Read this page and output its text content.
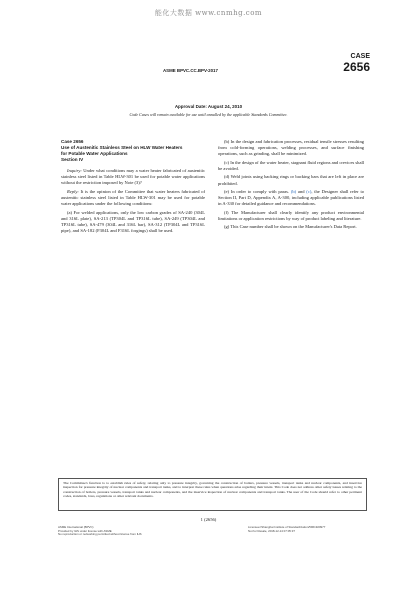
能化大数据 www.cnmhg.com
CASE
2656
ASME BPVC.CC.BPV-2017
Approval Date: August 24, 2010
Code Cases will remain available for use until annulled by the applicable Standards Committee.
Case 2656
Use of Austenitic Stainless Steel on HLW Water Heaters
for Potable Water Applications
Section IV

Inquiry: Under what conditions may a water heater fabricated of austenitic stainless steel listed in Table HLW-301 be used for potable water applications without the restriction imposed by Note (3)?

Reply: It is the opinion of the Committee that water heaters fabricated of austenitic stainless steel listed in Table HLW-301 may be used for potable water applications under the following conditions:

(a) For welded applications, only the low carbon grades of SA-240 (304L and 316L plate), SA-213 (TP304L and TP316L tube), SA-249 (TP304L and TP316L tube), SA-479 (304L and 316L bar), SA-312 (TP304L and TP316L pipe), and SA-182 (F304L and F316L forgings) shall be used.

(b) In the design and fabrication processes, residual tensile stresses resulting from cold-forming operations, welding processes, and surface finishing operations, such as grinding, shall be minimized.

(c) In the design of the water heater, stagnant fluid regions and crevices shall be avoided.

(d) Weld joints using backing rings or backing bars that are left in place are prohibited.

(e) In order to comply with paras. (b) and (c), the Designer shall refer to Section II, Part D, Appendix A, A-300, including applicable publications listed in A-330 for detailed guidance and recommendations.

(f) The Manufacturer shall clearly identify any product environmental limitations or application restrictions by way of product labeling and literature.

(g) This Case number shall be shown on the Manufacturer's Data Report.

The Committee's function is to establish rules of safety, relating only to pressure integrity, governing the construction of boilers, pressure vessels, transport tanks and nuclear components, and inservice inspection for pressure integrity of nuclear components and transport tanks, and to interpret these rules when questions arise regarding their intent. This Code does not address other safety issues relating to the construction of boilers, pressure vessels, transport tanks and nuclear components, and the inservice inspection of nuclear components and transport tanks. The user of the Code should refer to other pertinent codes, standards, laws, regulations or other relevant documents.
1 (2656)
ASME International (BPVC)
Provided by IHS under license with ASME
No reproduction or networking permitted without license from IHS
Licensee=Shanghai Institute of Standardization/5961920977
Not for Resale, 2018-12-14 07:05:37
